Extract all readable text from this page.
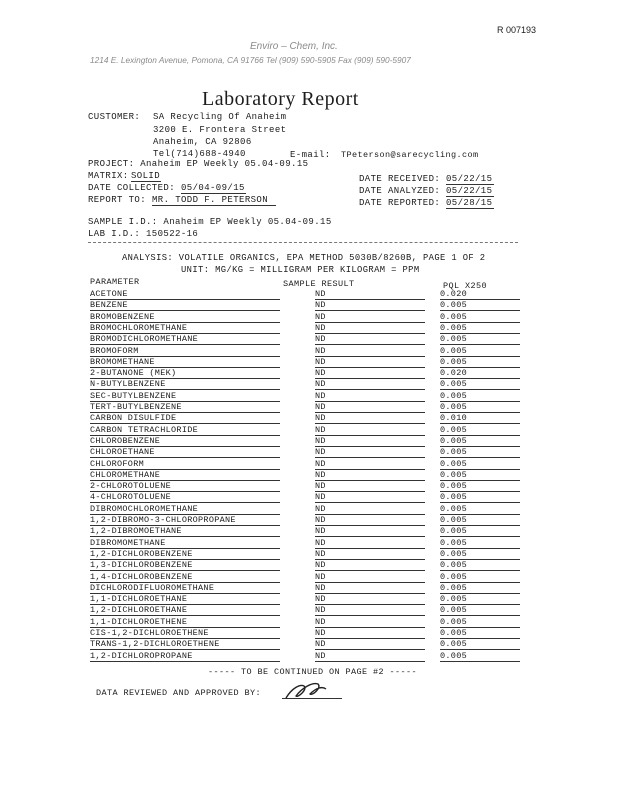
R 007193
Enviro – Chem, Inc.
1214 E. Lexington Avenue, Pomona, CA 91766 Tel (909) 590-5905 Fax (909) 590-5907
Laboratory Report
CUSTOMER: SA Recycling Of Anaheim
3200 E. Frontera Street
Anaheim, CA 92806
Tel(714)688-4940	E-mail: TPeterson@sarecycling.com
PROJECT: Anaheim EP Weekly 05.04-09.15
MATRIX: SOLID
DATE COLLECTED: 05/04-09/15
REPORT TO: MR. TODD F. PETERSON
DATE RECEIVED: 05/22/15
DATE ANALYZED: 05/22/15
DATE REPORTED: 05/28/15
SAMPLE I.D.: Anaheim EP Weekly 05.04-09.15
LAB I.D.: 150522-16
ANALYSIS: VOLATILE ORGANICS, EPA METHOD 5030B/8260B, PAGE 1 OF 2
UNIT: MG/KG = MILLIGRAM PER KILOGRAM = PPM
PARAMETER	SAMPLE RESULT	PQL X250
ACETONE	ND	0.020
BENZENE	ND	0.005
BROMOBENZENE	ND	0.005
BROMOCHLOROMETHANE	ND	0.005
BROMODICHLOROMETHANE	ND	0.005
BROMOFORM	ND	0.005
BROMOMETHANE	ND	0.005
2-BUTANONE (MEK)	ND	0.020
N-BUTYLBENZENE	ND	0.005
SEC-BUTYLBENZENE	ND	0.005
TERT-BUTYLBENZENE	ND	0.005
CARBON DISULFIDE	ND	0.010
CARBON TETRACHLORIDE	ND	0.005
CHLOROBENZENE	ND	0.005
CHLOROETHANE	ND	0.005
CHLOROFORM	ND	0.005
CHLOROMETHANE	ND	0.005
2-CHLOROTOLUENE	ND	0.005
4-CHLOROTOLUENE	ND	0.005
DIBROMOCHLOROMETHANE	ND	0.005
1,2-DIBROMO-3-CHLOROPROPANE	ND	0.005
1,2-DIBROMOETHANE	ND	0.005
DIBROMOMETHANE	ND	0.005
1,2-DICHLOROBENZENE	ND	0.005
1,3-DICHLOROBENZENE	ND	0.005
1,4-DICHLOROBENZENE	ND	0.005
DICHLORODIFLUOROMETHANE	ND	0.005
1,1-DICHLOROETHANE	ND	0.005
1,2-DICHLOROETHANE	ND	0.005
1,1-DICHLOROETHENE	ND	0.005
CIS-1,2-DICHLOROETHENE	ND	0.005
TRANS-1,2-DICHLOROETHENE	ND	0.005
1,2-DICHLOROPROPANE	ND	0.005
----- TO BE CONTINUED ON PAGE #2 -----
DATA REVIEWED AND APPROVED BY:
